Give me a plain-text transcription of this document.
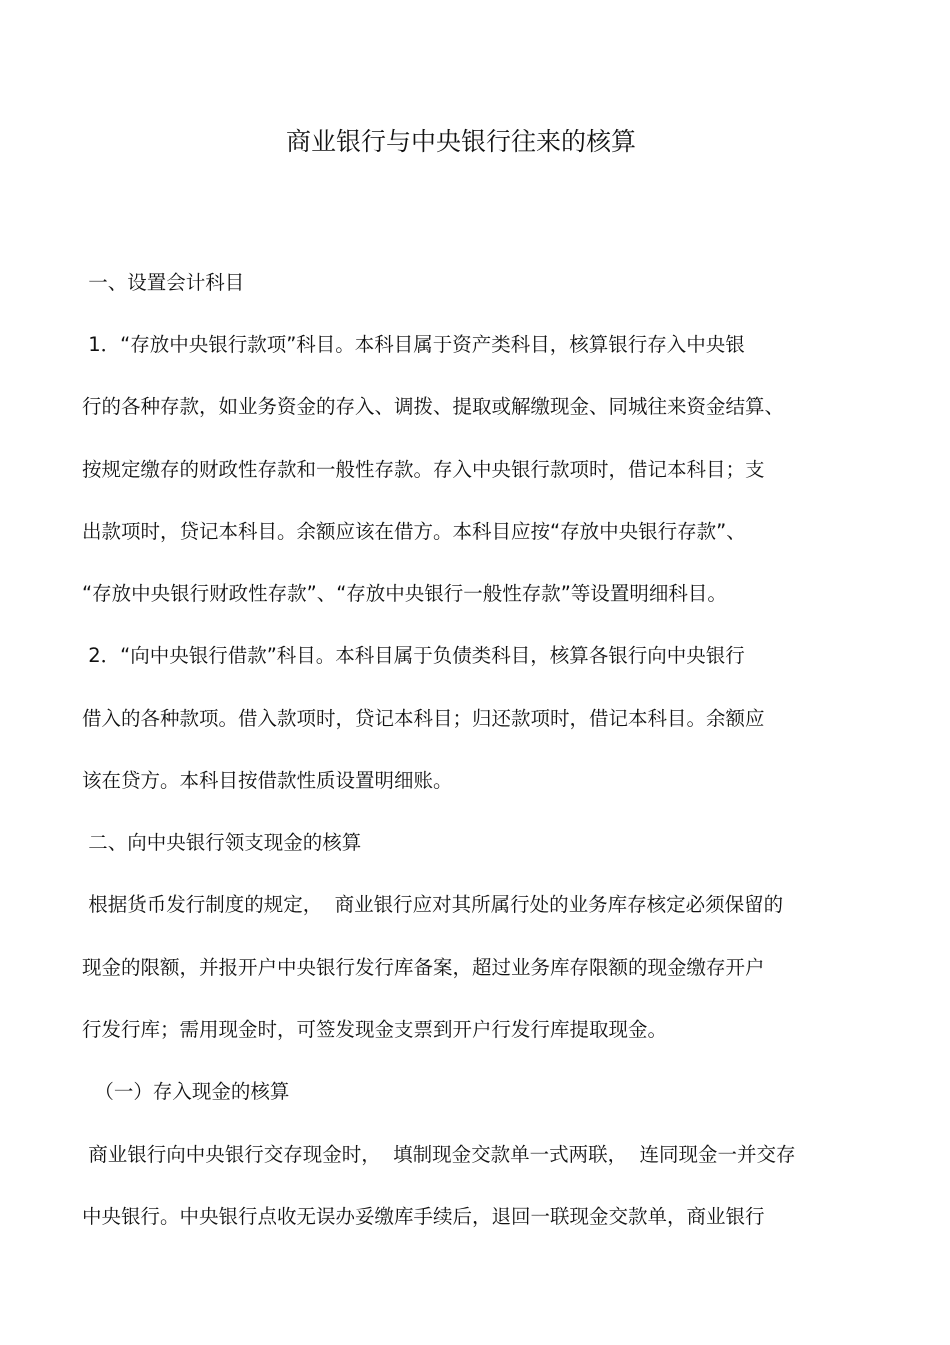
商业银行与中央银行往来的核算
一、设置会计科目
1．“存放中央银行款项”科目。本科目属于资产类科目，核算银行存入中央银
行的各种存款，如业务资金的存入、调拨、提取或解缴现金、同城往来资金结算、
按规定缴存的财政性存款和一般性存款。存入中央银行款项时，借记本科目；支
出款项时，贷记本科目。余额应该在借方。本科目应按“存放中央银行存款”、
“存放中央银行财政性存款”、“存放中央银行一般性存款”等设置明细科目。
2．“向中央银行借款”科目。本科目属于负债类科目，核算各银行向中央银行
借入的各种款项。借入款项时，贷记本科目；归还款项时，借记本科目。余额应
该在贷方。本科目按借款性质设置明细账。
二、向中央银行领支现金的核算
根据货币发行制度的规定，  商业银行应对其所属行处的业务库存核定必须保留的
现金的限额，并报开户中央银行发行库备案，超过业务库存限额的现金缴存开户
行发行库；需用现金时，可签发现金支票到开户行发行库提取现金。
（一）存入现金的核算
商业银行向中央银行交存现金时，  填制现金交款单一式两联，  连同现金一并交存
中央银行。中央银行点收无误办妥缴库手续后，退回一联现金交款单，商业银行
